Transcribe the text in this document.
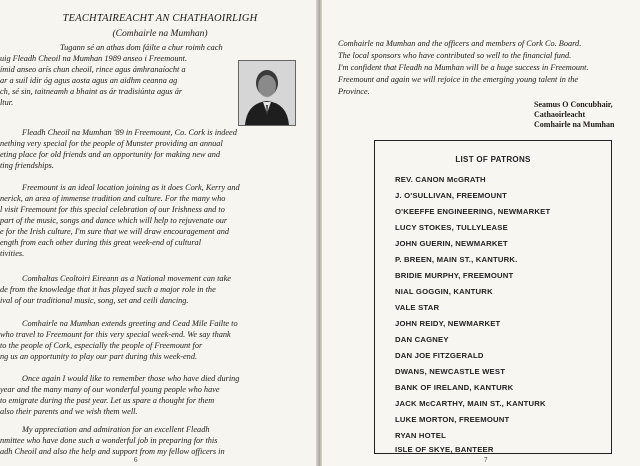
TEACHTAIREACHT AN CHATHAOIRLIGH

(Comhairle na Mumhan)

Tugann sé an athas dom fáilte a chur roimh cach

uig Fleadh Cheoil na Mumhan 1989 anseo i Freemount.

ímid anseo arís chun cheoil, rince agus ámhranaíocht a

ar a suil idir óg agus aosta agus an aidhm ceanna ag

ch, sé sin, taitneamh a bhaint as ár tradisiúnta agus ár

ltur.

Fleadh Cheoil na Mumhan '89 in Freemount, Co. Cork is indeed

nething very special for the people of Munster providing an annual

eting place for old friends and an opportunity for making new and

ting friendships.

Freemount is an ideal location joining as it does Cork, Kerry and

nerick, an area of immense tradition and culture. For the many who

l visit Freemount for this special celebration of our Irishness and to

part of the music, songs and dance which will help to rejuvenate our

e for the Irish culture, I'm sure that we will draw encouragement and

ength from each other during this great week-end of cultural

tivities.

Comhaltas Ceoltoiri Eireann as a National movement can take

de from the knowledge that it has played such a major role in the

ival of our traditional music, song, set and ceili dancing.

Comhairle na Mumhan extends greeting and Cead Mile Failte to

who travel to Freemount for this very special week-end. We say thank

to the people of Cork, especially the people of Freemount for

ng us an opportunity to play our part during this week-end.

Once again I would like to remember those who have died during

year and the many many of our wonderful young people who have

to emigrate during the past year. Let us spare a thought for them

also their parents and we wish them well.

My appreciation and admiration for an excellent Fleadh

nmittee who have done such a wonderful job in preparing for this

adh Cheoil and also the help and support from my fellow officers in

6

Comhairle na Mumhan and the officers and members of Cork Co. Board.

The local sponsors who have contributed so well to the financial fund.

I'm confident that Fleadh na Mumhan will be a huge success in Freemount.

Freemount and again we will rejoice in the emerging young talent in the

Province.

Seamus O Concubhair,

Cathaoirleacht

Comhairle na Mumhan

LIST OF PATRONS

REV. CANON McGRATH

J. O'SULLIVAN, FREEMOUNT

O'KEEFFE ENGINEERING, NEWMARKET

LUCY STOKES, TULLYLEASE

JOHN GUERIN, NEWMARKET

P. BREEN, MAIN ST., KANTURK.

BRIDIE MURPHY, FREEMOUNT

NIAL GOGGIN, KANTURK

VALE STAR

JOHN REIDY, NEWMARKET

DAN CAGNEY

DAN JOE FITZGERALD

DWANS, NEWCASTLE WEST

BANK OF IRELAND, KANTURK

JACK McCARTHY, MAIN ST., KANTURK

LUKE MORTON, FREEMOUNT

RYAN HOTEL

ISLE OF SKYE, BANTEER

7
